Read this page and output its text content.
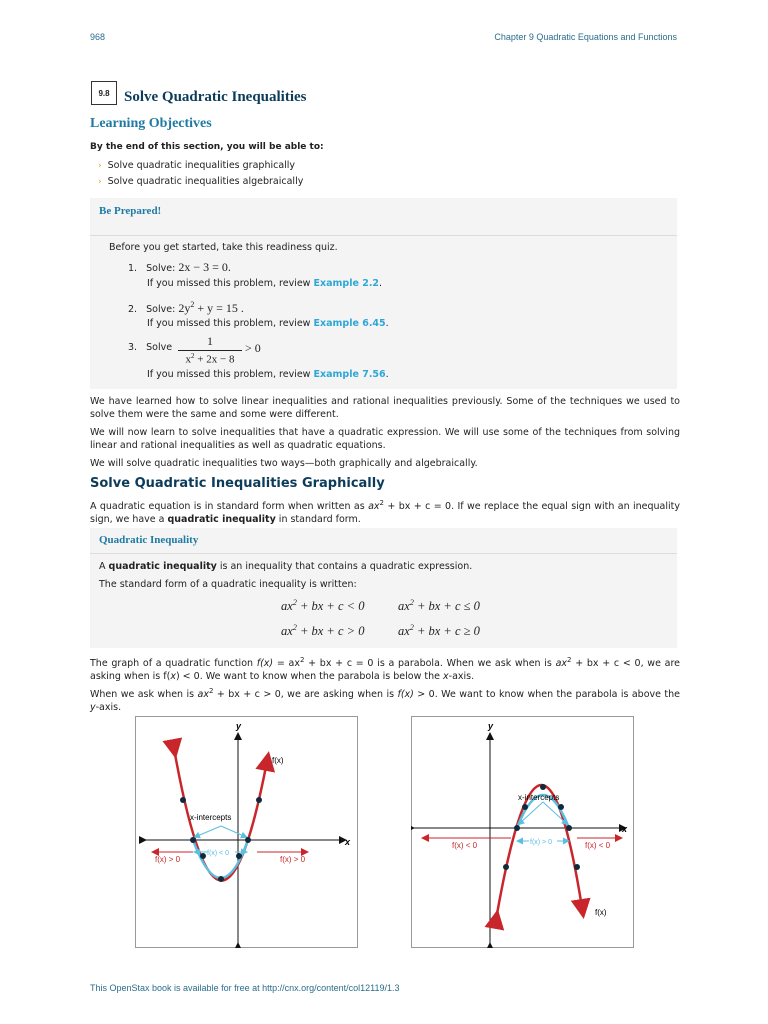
968	Chapter 9 Quadratic Equations and Functions
9.8 Solve Quadratic Inequalities
Learning Objectives
By the end of this section, you will be able to:
› Solve quadratic inequalities graphically
› Solve quadratic inequalities algebraically
Be Prepared!
Before you get started, take this readiness quiz.
1. Solve: 2x − 3 = 0.
If you missed this problem, review Example 2.2.
2. Solve: $2y^2 + y = 15$ .
If you missed this problem, review Example 6.45.
3. Solve	1
$x^2 + 2x - 8$
> 0
If you missed this problem, review Example 7.56.
We have learned how to solve linear inequalities and rational inequalities previously. Some of the techniques we used to solve them were the same and some were different.
We will now learn to solve inequalities that have a quadratic expression. We will use some of the techniques from solving linear and rational inequalities as well as quadratic equations.
We will solve quadratic inequalities two ways—both graphically and algebraically.
Solve Quadratic Inequalities Graphically
A quadratic equation is in standard form when written as $ax^2$ + bx + c = 0. If we replace the equal sign with an inequality sign, we have a quadratic inequality in standard form.
Quadratic Inequality
A quadratic inequality is an inequality that contains a quadratic expression.
The standard form of a quadratic inequality is written:
$ax^2$ + bx + c < 0	$ax^2$ + bx + c ≤ 0
$ax^2$ + bx + c > 0	$ax^2$ + bx + c ≥ 0
The graph of a quadratic function $f(x) = ax^2$ + bx + c = 0 is a parabola. When we ask when is $ax^2$ + bx + c < 0, we are asking when is f(x) < 0. We want to know when the parabola is below the x-axis.
When we ask when is $ax^2$ + bx + c > 0, we are asking when is f(x) > 0. We want to know when the parabola is above the y-axis.
y
x
f(x)
x-intercepts
f(x) > 0
f(x) < 0
f(x) > 0
y
x
f(x)
x-intercepts
f(x) < 0	f(x) > 0	f(x) < 0
This OpenStax book is available for free at http://cnx.org/content/col12119/1.3
